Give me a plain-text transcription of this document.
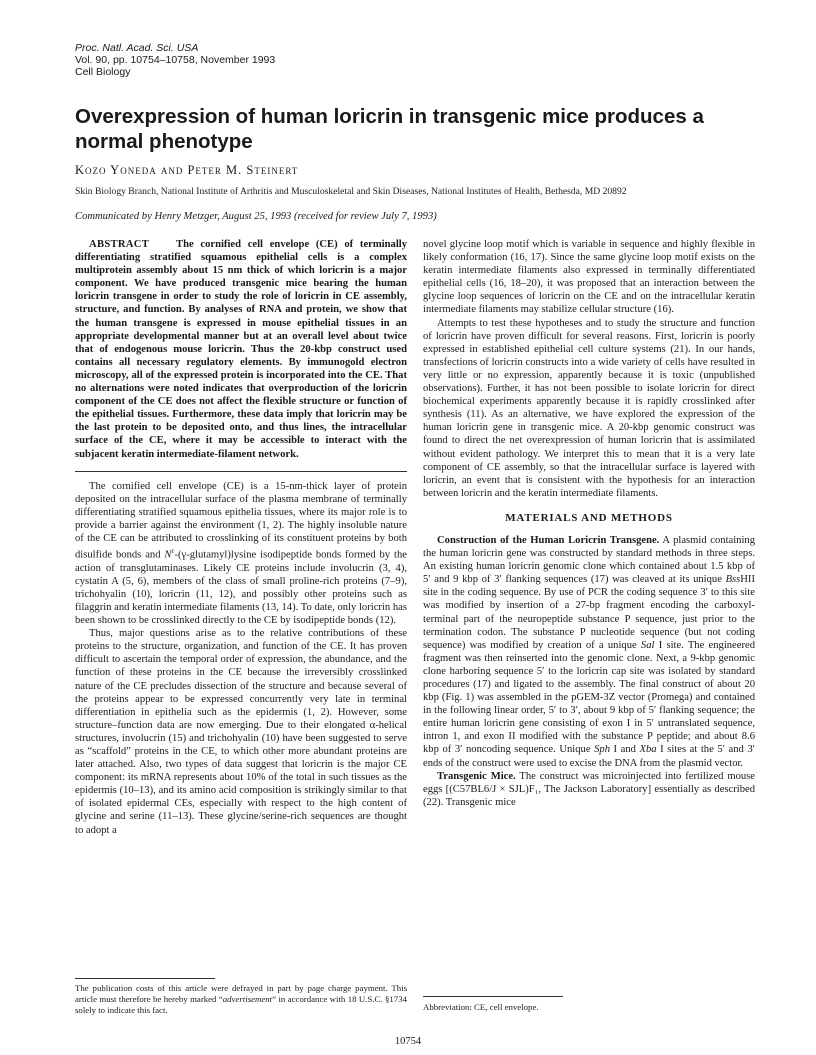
Proc. Natl. Acad. Sci. USA
Vol. 90, pp. 10754–10758, November 1993
Cell Biology
Overexpression of human loricrin in transgenic mice produces a normal phenotype
Kozo Yoneda and Peter M. Steinert
Skin Biology Branch, National Institute of Arthritis and Musculoskeletal and Skin Diseases, National Institutes of Health, Bethesda, MD 20892
Communicated by Henry Metzger, August 25, 1993 (received for review July 7, 1993)

ABSTRACT	The cornified cell envelope (CE) of terminally differentiating stratified squamous epithelial cells is a complex multiprotein assembly about 15 nm thick of which loricrin is a major component. We have produced transgenic mice bearing the human loricrin transgene in order to study the role of loricrin in CE assembly, structure, and function. By analyses of RNA and protein, we show that the human transgene is expressed in mouse epithelial tissues in an appropriate developmental manner but at an overall level about twice that of endogenous mouse loricrin. Thus the 20-kbp construct used contains all necessary regulatory elements. By immunogold electron microscopy, all of the expressed protein is incorporated into the CE. That no alternations were noted indicates that overproduction of the loricrin component of the CE does not affect the flexible structure or function of the epithelial tissues. Furthermore, these data imply that loricrin may be the last protein to be deposited onto, and thus lines, the intracellular surface of the CE, where it may be accessible to interact with the subjacent keratin intermediate-filament network.

The cornified cell envelope (CE) is a 15-nm-thick layer of protein deposited on the intracellular surface of the plasma membrane of terminally differentiating stratified squamous epithelia tissues, where its major role is to provide a barrier against the environment (1, 2). The highly insoluble nature of the CE can be attributed to crosslinking of its constituent proteins by both disulfide bonds and $N^\varepsilon-(\gamma-glutamyl)lysine$ isodipeptide bonds formed by the action of transglutaminases. Likely CE proteins include involucrin (3, 4), cystatin A (5, 6), members of the class of small proline-rich proteins (7–9), trichohyalin (10), loricrin (11, 12), and possibly other proteins such as filaggrin and keratin intermediate filaments (13, 14). To date, only loricrin has been shown to be crosslinked directly to the CE by isodipeptide bonds (12).

Thus, major questions arise as to the relative contributions of these proteins to the structure, organization, and function of the CE. It has proven difficult to ascertain the temporal order of expression, the abundance, and the function of these proteins in the CE because the irreversibly crosslinked nature of the CE precludes dissection of the structure and because several of the proteins appear to be expressed concurrently very late in terminal differentiation in epithelia such as the epidermis (1, 2). However, some structure–function data are now emerging. Due to their elongated α-helical structures, involucrin (15) and trichohyalin (10) have been suggested to serve as “scaffold” proteins in the CE, to which other more abundant proteins are later attached. Also, two types of data suggest that loricrin is the major CE component: its mRNA represents about 10% of the total in such tissues as the epidermis (10–13), and its amino acid composition is strikingly similar to that of isolated epidermal CEs, especially with respect to the high content of glycine and serine (11–13). These glycine/serine-rich sequences are thought to adopt a

novel glycine loop motif which is variable in sequence and highly flexible in likely conformation (16, 17). Since the same glycine loop motif exists on the keratin intermediate filaments also expressed in terminally differentiated epithelial cells (16, 18–20), it was proposed that an interaction between the glycine loop sequences of loricrin on the CE and on the intracellular keratin intermediate filaments may stabilize cellular structure (16).

Attempts to test these hypotheses and to study the structure and function of loricrin have proven difficult for several reasons. First, loricrin is poorly expressed in established epithelial cell culture systems (21). In our hands, transfections of loricrin constructs into a wide variety of cells have resulted in very little or no expression, apparently because it is toxic (unpublished observations). Further, it has not been possible to isolate loricrin for direct biochemical experiments apparently because it is rapidly crosslinked after synthesis (11). As an alternative, we have explored the expression of the human loricrin gene in transgenic mice. A 20-kbp genomic construct was found to direct the net overexpression of human loricrin that is assimilated without evident pathology. We interpret this to mean that it is a very late component of CE assembly, so that the intracellular surface is layered with loricrin, an event that is consistent with the hypothesis for an interaction between loricrin and the keratin intermediate filaments.

MATERIALS AND METHODS

Construction of the Human Loricrin Transgene. A plasmid containing the human loricrin gene was constructed by standard methods in three steps. An existing human loricrin genomic clone which contained about 1.5 kbp of 5′ and 9 kbp of 3′ flanking sequences (17) was cleaved at its unique BssHII site in the coding sequence. By use of PCR the coding sequence 3′ to this site was modified by insertion of a 27-bp fragment encoding the carboxyl-terminal part of the neuropeptide substance P sequence, just prior to the termination codon. The substance P nucleotide sequence (but not coding sequence) was modified by creation of a unique Sal I site. The engineered fragment was then reinserted into the genomic clone. Next, a 9-kbp genomic clone harboring sequence 5′ to the loricrin cap site was isolated by standard procedures (17) and ligated to the assembly. The final construct of about 20 kbp (Fig. 1) was assembled in the pGEM-3Z vector (Promega) and contained in the following linear order, 5′ to 3′, about 9 kbp of 5′ flanking sequence; the entire human loricrin gene consisting of exon I in 5′ untranslated sequence, intron 1, and exon II modified with the substance P peptide; and about 8.6 kbp of 3′ noncoding sequence. Unique Sph I and Xba I sites at the 5′ and 3′ ends of the construct were used to excise the DNA from the plasmid vector.

Transgenic Mice. The construct was microinjected into fertilized mouse eggs [(C57BL6/J × SJL)F₁, The Jackson Laboratory] essentially as described (22). Transgenic mice

The publication costs of this article were defrayed in part by page charge payment. This article must therefore be hereby marked “advertisement” in accordance with 18 U.S.C. §1734 solely to indicate this fact.	Abbreviation: CE, cell envelope.
10754
